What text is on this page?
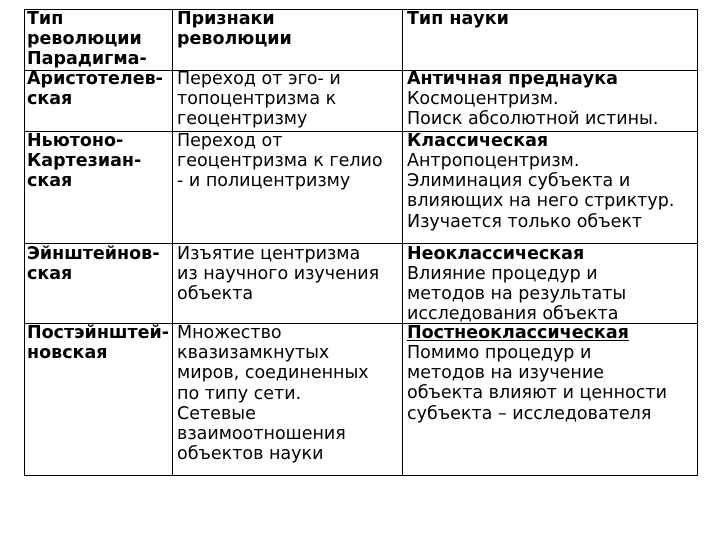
Тип
революции
Парадигма-
Признаки
революции
Тип науки
Аристотелев-
ская
Переход от эго- и
топоцентризма к
геоцентризму
Античная преднаука
Космоцентризм.
Поиск абсолютной истины.
Ньютоно-
Картезиан-
ская
Переход от
геоцентризма к гелио
- и полицентризму
Классическая
Антропоцентризм.
Элиминация субъекта и
влияющих на него стриктур.
Изучается только объект
Эйнштейнов-
ская
Изъятие центризма
из научного изучения
объекта
Неоклассическая
Влияние процедур и
методов на результаты
исследования объекта
Постэйнштей-
новская
Множество
квазизамкнутых
миров, соединенных
по типу сети.
Сетевые
взаимоотношения
объектов науки
Постнеоклассическая
Помимо процедур и
методов на изучение
объекта влияют и ценности
субъекта – исследователя
